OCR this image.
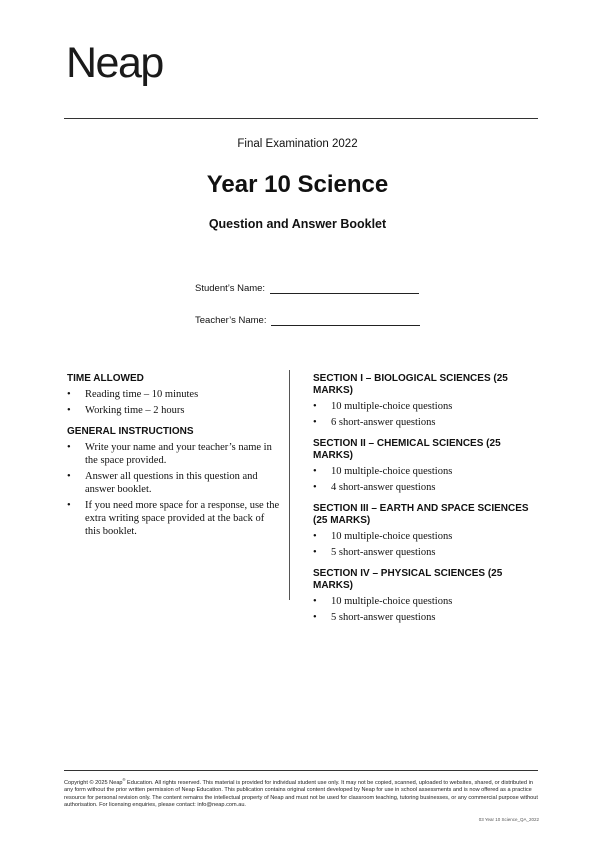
Neap
Final Examination 2022
Year 10 Science
Question and Answer Booklet
Student’s Name:
Teacher’s Name:
TIME ALLOWED
• Reading time – 10 minutes
• Working time – 2 hours
GENERAL INSTRUCTIONS
• Write your name and your teacher’s name in the space provided.
• Answer all questions in this question and answer booklet.
• If you need more space for a response, use the extra writing space provided at the back of this booklet.
SECTION I – BIOLOGICAL SCIENCES (25 MARKS)
• 10 multiple-choice questions
• 6 short-answer questions
SECTION II – CHEMICAL SCIENCES (25 MARKS)
• 10 multiple-choice questions
• 4 short-answer questions
SECTION III – EARTH AND SPACE SCIENCES (25 MARKS)
• 10 multiple-choice questions
• 5 short-answer questions
SECTION IV – PHYSICAL SCIENCES (25 MARKS)
• 10 multiple-choice questions
• 5 short-answer questions
Copyright © 2025 Neap® Education. All rights reserved. This material is provided for individual student use only. It may not be copied, scanned, uploaded to websites, shared, or distributed in any form without the prior written permission of Neap Education. This publication contains original content developed by Neap for use in school assessments and is now offered as a practice resource for personal revision only. The content remains the intellectual property of Neap and must not be used for classroom teaching, tutoring businesses, or any commercial purpose without authorisation. For licensing enquiries, please contact: info@neap.com.au.
03 Year 10 Science_QA_2022
